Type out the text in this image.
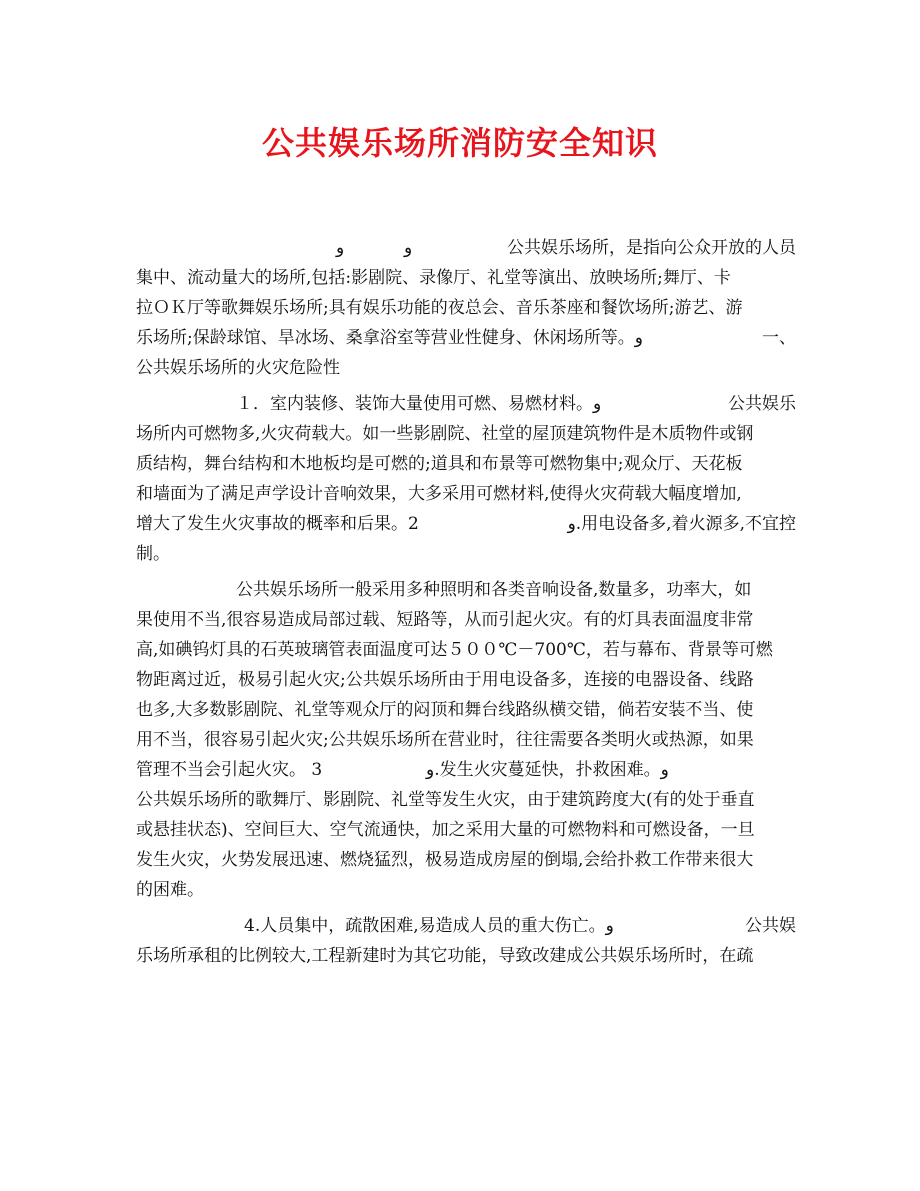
公共娱乐场所消防安全知识
و	و	公共娱乐场所，是指向公众开放的人员
集中、流动量大的场所,包括:影剧院、录像厅、礼堂等演出、放映场所;舞厅、卡
拉ＯＫ厅等歌舞娱乐场所;具有娱乐功能的夜总会、音乐茶座和餐饮场所;游艺、游
乐场所;保龄球馆、旱冰场、桑拿浴室等营业性健身、休闲场所等。و	一、
公共娱乐场所的火灾危险性
１．室内装修、装饰大量使用可燃、易燃材料。و	公共娱乐
场所内可燃物多,火灾荷载大。如一些影剧院、社堂的屋顶建筑物件是木质物件或钢
质结构，舞台结构和木地板均是可燃的;道具和布景等可燃物集中;观众厅、天花板
和墙面为了满足声学设计音响效果，大多采用可燃材料,使得火灾荷载大幅度增加,
增大了发生火灾事故的概率和后果。2	و.用电设备多,着火源多,不宜控
制。
公共娱乐场所一般采用多种照明和各类音响设备,数量多，功率大，如
果使用不当,很容易造成局部过载、短路等，从而引起火灾。有的灯具表面温度非常
高,如碘钨灯具的石英玻璃管表面温度可达５００℃－700℃，若与幕布、背景等可燃
物距离过近，极易引起火灾;公共娱乐场所由于用电设备多，连接的电器设备、线路
也多,大多数影剧院、礼堂等观众厅的闷顶和舞台线路纵横交错，倘若安装不当、使
用不当，很容易引起火灾;公共娱乐场所在营业时，往往需要各类明火或热源，如果
管理不当会引起火灾。 3	و.发生火灾蔓延快，扑救困难。و
公共娱乐场所的歌舞厅、影剧院、礼堂等发生火灾，由于建筑跨度大(有的处于垂直
或悬挂状态)、空间巨大、空气流通快，加之采用大量的可燃物料和可燃设备，一旦
发生火灾，火势发展迅速、燃烧猛烈，极易造成房屋的倒塌,会给扑救工作带来很大
的困难。
4.人员集中，疏散困难,易造成人员的重大伤亡。و	公共娱
乐场所承租的比例较大,工程新建时为其它功能，导致改建成公共娱乐场所时，在疏
